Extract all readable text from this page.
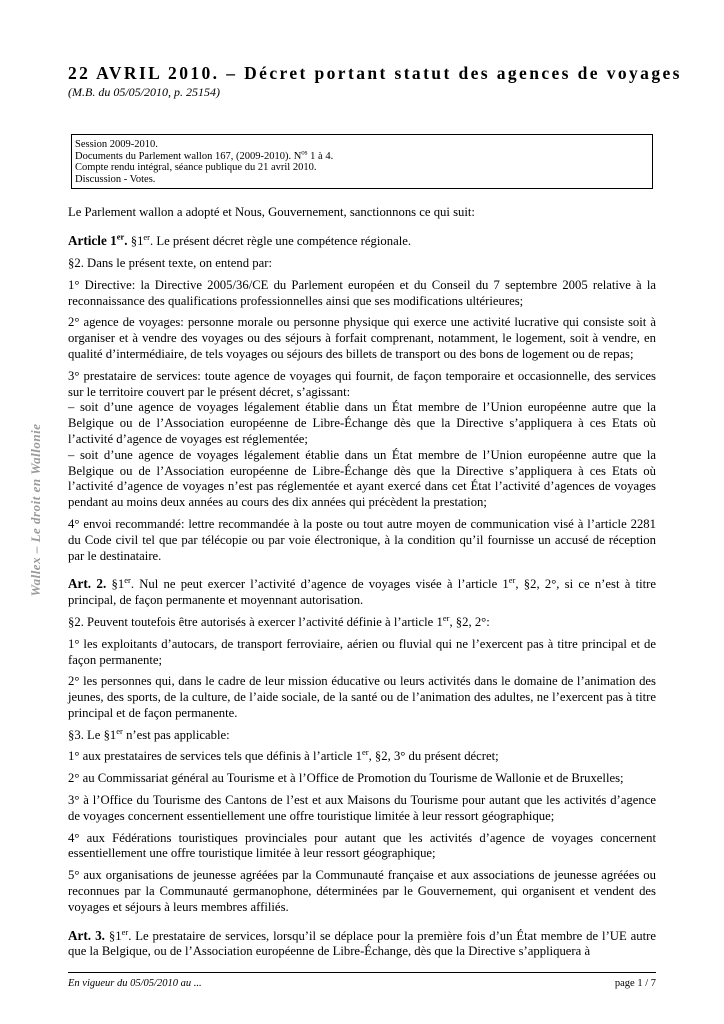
Wallex – Le droit en Wallonie
22 AVRIL 2010. – Décret portant statut des agences de voyages
(M.B. du 05/05/2010, p. 25154)
Session 2009-2010.
Documents du Parlement wallon 167, (2009-2010). $N^{os}$ 1 à 4.
Compte rendu intégral, séance publique du 21 avril 2010.
Discussion - Votes.

Le Parlement wallon a adopté et Nous, Gouvernement, sanctionnons ce qui suit:

Article 1er. §1er. Le présent décret règle une compétence régionale.

§2. Dans le présent texte, on entend par:

1° Directive: la Directive 2005/36/CE du Parlement européen et du Conseil du 7 septembre 2005 relative à la reconnaissance des qualifications professionnelles ainsi que ses modifications ultérieures;

2° agence de voyages: personne morale ou personne physique qui exerce une activité lucrative qui consiste soit à organiser et à vendre des voyages ou des séjours à forfait comprenant, notamment, le logement, soit à vendre, en qualité d’intermédiaire, de tels voyages ou séjours des billets de transport ou des bons de logement ou de repas;

3° prestataire de services: toute agence de voyages qui fournit, de façon temporaire et occasionnelle, des services sur le territoire couvert par le présent décret, s’agissant:

– soit d’une agence de voyages légalement établie dans un État membre de l’Union européenne autre que la Belgique ou de l’Association européenne de Libre-Échange dès que la Directive s’appliquera à ces Etats où l’activité d’agence de voyages est réglementée;

– soit d’une agence de voyages légalement établie dans un État membre de l’Union européenne autre que la Belgique ou de l’Association européenne de Libre-Échange dès que la Directive s’appliquera à ces Etats où l’activité d’agence de voyages n’est pas réglementée et ayant exercé dans cet État l’activité d’agences de voyages pendant au moins deux années au cours des dix années qui précèdent la prestation;

4° envoi recommandé: lettre recommandée à la poste ou tout autre moyen de communication visé à l’article 2281 du Code civil tel que par télécopie ou par voie électronique, à la condition qu’il fournisse un accusé de réception par le destinataire.

Art. 2. §1er. Nul ne peut exercer l’activité d’agence de voyages visée à l’article 1er, §2, 2°, si ce n’est à titre principal, de façon permanente et moyennant autorisation.

§2. Peuvent toutefois être autorisés à exercer l’activité définie à l’article 1er, §2, 2°:

1° les exploitants d’autocars, de transport ferroviaire, aérien ou fluvial qui ne l’exercent pas à titre principal et de façon permanente;

2° les personnes qui, dans le cadre de leur mission éducative ou leurs activités dans le domaine de l’animation des jeunes, des sports, de la culture, de l’aide sociale, de la santé ou de l’animation des adultes, ne l’exercent pas à titre principal et de façon permanente.

§3. Le §1er n’est pas applicable:

1° aux prestataires de services tels que définis à l’article 1er, §2, 3° du présent décret;

2° au Commissariat général au Tourisme et à l’Office de Promotion du Tourisme de Wallonie et de Bruxelles;

3° à l’Office du Tourisme des Cantons de l’est et aux Maisons du Tourisme pour autant que les activités d’agence de voyages concernent essentiellement une offre touristique limitée à leur ressort géographique;

4° aux Fédérations touristiques provinciales pour autant que les activités d’agence de voyages concernent essentiellement une offre touristique limitée à leur ressort géographique;

5° aux organisations de jeunesse agréées par la Communauté française et aux associations de jeunesse agréées ou reconnues par la Communauté germanophone, déterminées par le Gouvernement, qui organisent et vendent des voyages et séjours à leurs membres affiliés.

Art. 3. §1er. Le prestataire de services, lorsqu’il se déplace pour la première fois d’un État membre de l’UE autre que la Belgique, ou de l’Association européenne de Libre-Échange, dès que la Directive s’appliquera à

En vigueur du 05/05/2010 au ...	page 1 / 7
